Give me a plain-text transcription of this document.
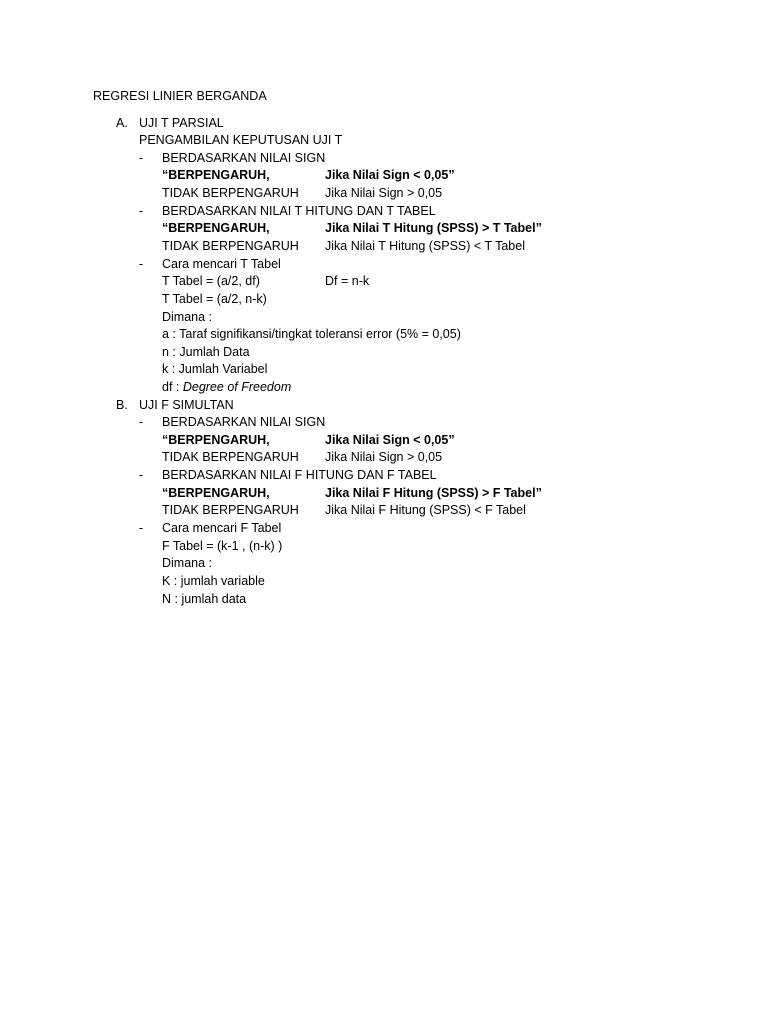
REGRESI LINIER BERGANDA
A. UJI T PARSIAL
PENGAMBILAN KEPUTUSAN UJI T
- BERDASARKAN NILAI SIGN
“BERPENGARUH,	Jika Nilai Sign < 0,05”
TIDAK BERPENGARUH Jika Nilai Sign > 0,05
- BERDASARKAN NILAI T HITUNG DAN T TABEL
“BERPENGARUH,	Jika Nilai T Hitung (SPSS) > T Tabel”
TIDAK BERPENGARUH Jika Nilai T Hitung (SPSS) < T Tabel
- Cara mencari T Tabel
T Tabel = (a/2, df)	Df = n-k
T Tabel = (a/2, n-k)
Dimana :
a : Taraf signifikansi/tingkat toleransi error (5% = 0,05)
n : Jumlah Data
k : Jumlah Variabel
df : Degree of Freedom
B. UJI F SIMULTAN
- BERDASARKAN NILAI SIGN
“BERPENGARUH,	Jika Nilai Sign < 0,05”
TIDAK BERPENGARUH Jika Nilai Sign > 0,05
- BERDASARKAN NILAI F HITUNG DAN F TABEL
“BERPENGARUH,	Jika Nilai F Hitung (SPSS) > F Tabel”
TIDAK BERPENGARUH Jika Nilai F Hitung (SPSS) < F Tabel
- Cara mencari F Tabel
F Tabel = (k-1 , (n-k) )
Dimana :
K : jumlah variable
N : jumlah data
